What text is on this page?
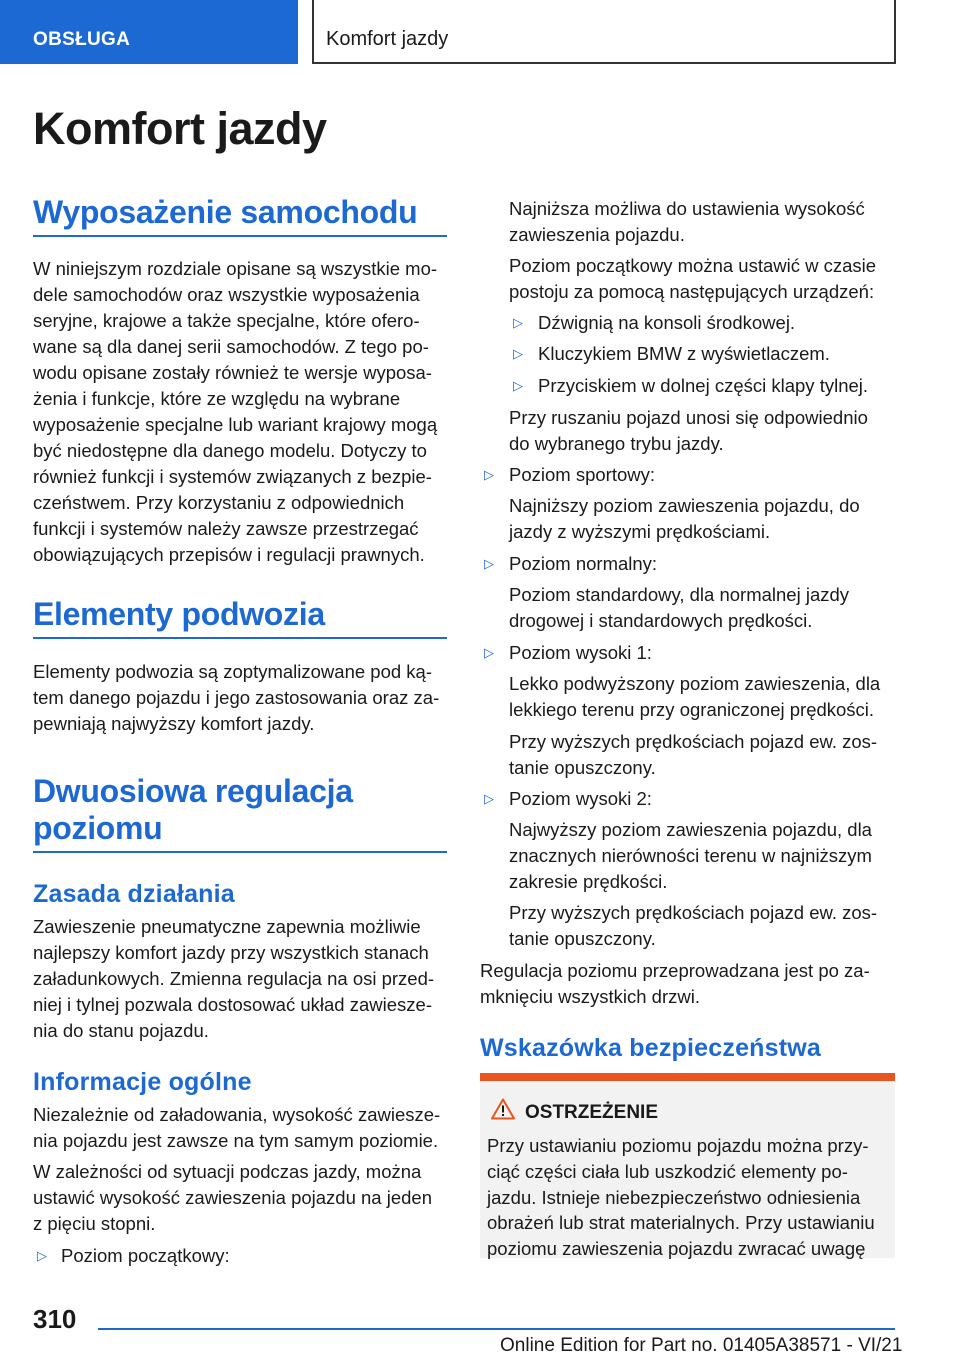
OBSŁUGA	Komfort jazdy
Komfort jazdy
Wyposażenie samochodu

W niniejszym rozdziale opisane są wszystkie mo‐

dele samochodów oraz wszystkie wyposażenia

seryjne, krajowe a także specjalne, które ofero‐

wane są dla danej serii samochodów. Z tego po‐

wodu opisane zostały również te wersje wyposa‐

żenia i funkcje, które ze względu na wybrane

wyposażenie specjalne lub wariant krajowy mogą

być niedostępne dla danego modelu. Dotyczy to

również funkcji i systemów związanych z bezpie‐

czeństwem. Przy korzystaniu z odpowiednich

funkcji i systemów należy zawsze przestrzegać

obowiązujących przepisów i regulacji prawnych.

Elementy podwozia

Elementy podwozia są zoptymalizowane pod ką‐

tem danego pojazdu i jego zastosowania oraz za‐

pewniają najwyższy komfort jazdy.

Dwuosiowa regulacja
poziomu
Zasada działania

Zawieszenie pneumatyczne zapewnia możliwie

najlepszy komfort jazdy przy wszystkich stanach

załadunkowych. Zmienna regulacja na osi przed‐

niej i tylnej pozwala dostosować układ zawiesze‐

nia do stanu pojazdu.

Informacje ogólne

Niezależnie od załadowania, wysokość zawiesze‐

nia pojazdu jest zawsze na tym samym poziomie.

W zależności od sytuacji podczas jazdy, można

ustawić wysokość zawieszenia pojazdu na jeden

z pięciu stopni.

▷ Poziom początkowy:

Najniższa możliwa do ustawienia wysokość

zawieszenia pojazdu.

Poziom początkowy można ustawić w czasie

postoju za pomocą następujących urządzeń:

▷ Dźwignią na konsoli środkowej.

▷ Kluczykiem BMW z wyświetlaczem.

▷ Przyciskiem w dolnej części klapy tylnej.

Przy ruszaniu pojazd unosi się odpowiednio

do wybranego trybu jazdy.

▷ Poziom sportowy:

Najniższy poziom zawieszenia pojazdu, do

jazdy z wyższymi prędkościami.

▷ Poziom normalny:

Poziom standardowy, dla normalnej jazdy

drogowej i standardowych prędkości.

▷ Poziom wysoki 1:

Lekko podwyższony poziom zawieszenia, dla

lekkiego terenu przy ograniczonej prędkości.

Przy wyższych prędkościach pojazd ew. zos‐

tanie opuszczony.

▷ Poziom wysoki 2:

Najwyższy poziom zawieszenia pojazdu, dla

znacznych nierówności terenu w najniższym

zakresie prędkości.

Przy wyższych prędkościach pojazd ew. zos‐

tanie opuszczony.

Regulacja poziomu przeprowadzana jest po za‐

mknięciu wszystkich drzwi.

Wskazówka bezpieczeństwa
OSTRZEŻENIE
Przy ustawianiu poziomu pojazdu można przy‐
ciąć części ciała lub uszkodzić elementy po‐
jazdu. Istnieje niebezpieczeństwo odniesienia
obrażeń lub strat materialnych. Przy ustawianiu
poziomu zawieszenia pojazdu zwracać uwagę
310
Online Edition for Part no. 01405A38571 - VI/21
